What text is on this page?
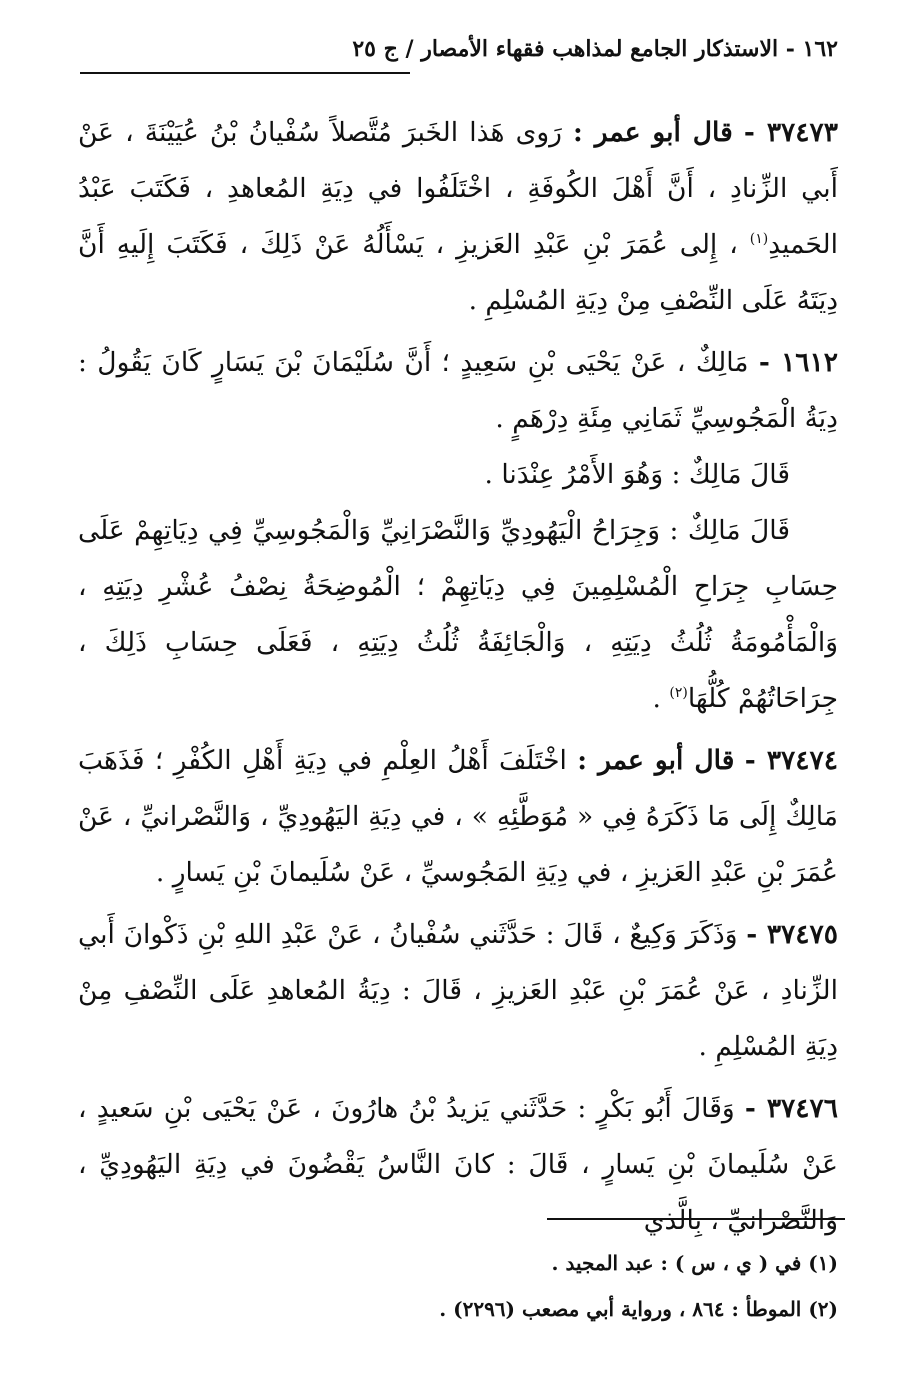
١٦٢ - الاستذكار الجامع لمذاهب فقهاء الأمصار / ج ٢٥

٣٧٤٧٣ - قال أبو عمر : رَوى هَذا الخَبرَ مُتَّصلاً سُفْيانُ بْنُ عُيَيْنَةَ ، عَنْ أَبي الزِّنادِ ، أَنَّ أَهْلَ الكُوفَةِ ، اخْتَلَفُوا في دِيَةِ المُعاهدِ ، فَكَتَبَ عَبْدُ الحَميدِ$^{(١)}$ ، إِلى عُمَرَ بْنِ عَبْدِ العَزيزِ ، يَسْأَلُهُ عَنْ ذَلِكَ ، فَكَتَبَ إِلَيهِ أَنَّ دِيَتَهُ عَلَى النِّصْفِ مِنْ دِيَةِ المُسْلِمِ .

١٦١٢ - مَالِكٌ ، عَنْ يَحْيَى بْنِ سَعِيدٍ ؛ أَنَّ سُلَيْمَانَ بْنَ يَسَارٍ كَانَ يَقُولُ : دِيَةُ الْمَجُوسِيِّ ثَمَانِي مِئَةِ دِرْهَمٍ .

قَالَ مَالِكٌ : وَهُوَ الأَمْرُ عِنْدَنا .

قَالَ مَالِكٌ : وَجِرَاحُ الْيَهُودِيِّ وَالنَّصْرَانِيِّ وَالْمَجُوسِيِّ فِي دِيَاتِهِمْ عَلَى حِسَابِ جِرَاحِ الْمُسْلِمِينَ فِي دِيَاتِهِمْ ؛ الْمُوضِحَةُ نِصْفُ عُشْرِ دِيَتِهِ ، وَالْمَأْمُومَةُ ثُلُثُ دِيَتِهِ ، وَالْجَائِفَةُ ثُلُثُ دِيَتِهِ ، فَعَلَى حِسَابِ ذَلِكَ ، جِرَاحَاتُهُمْ كُلُّهَا$^{(٢)}$ .

٣٧٤٧٤ - قال أبو عمر : اخْتَلَفَ أَهْلُ العِلْمِ في دِيَةِ أَهْلِ الكُفْرِ ؛ فَذَهَبَ مَالِكٌ إِلَى مَا ذَكَرَهُ فِي « مُوَطَّئِهِ » ، في دِيَةِ اليَهُودِيِّ ، وَالنَّصْرانيِّ ، عَنْ عُمَرَ بْنِ عَبْدِ العَزيزِ ، في دِيَةِ المَجُوسيِّ ، عَنْ سُلَيمانَ بْنِ يَسارٍ .

٣٧٤٧٥ - وَذَكَرَ وَكِيعٌ ، قَالَ : حَدَّثَني سُفْيانُ ، عَنْ عَبْدِ اللهِ بْنِ ذَكْوانَ أَبي الزِّنادِ ، عَنْ عُمَرَ بْنِ عَبْدِ العَزيزِ ، قَالَ : دِيَةُ المُعاهدِ عَلَى النِّصْفِ مِنْ دِيَةِ المُسْلِمِ .

٣٧٤٧٦ - وَقَالَ أَبُو بَكْرٍ : حَدَّثَني يَزيدُ بْنُ هارُونَ ، عَنْ يَحْيَى بْنِ سَعيدٍ ، عَنْ سُلَيمانَ بْنِ يَسارٍ ، قَالَ : كانَ النَّاسُ يَقْضُونَ في دِيَةِ اليَهُودِيِّ ، وَالنَّصْرانيِّ ، بِالَّذي

(١) في ( ي ، س ) : عبد المجيد .

(٢) الموطأ : ٨٦٤ ، ورواية أبي مصعب (٢٢٩٦) .
